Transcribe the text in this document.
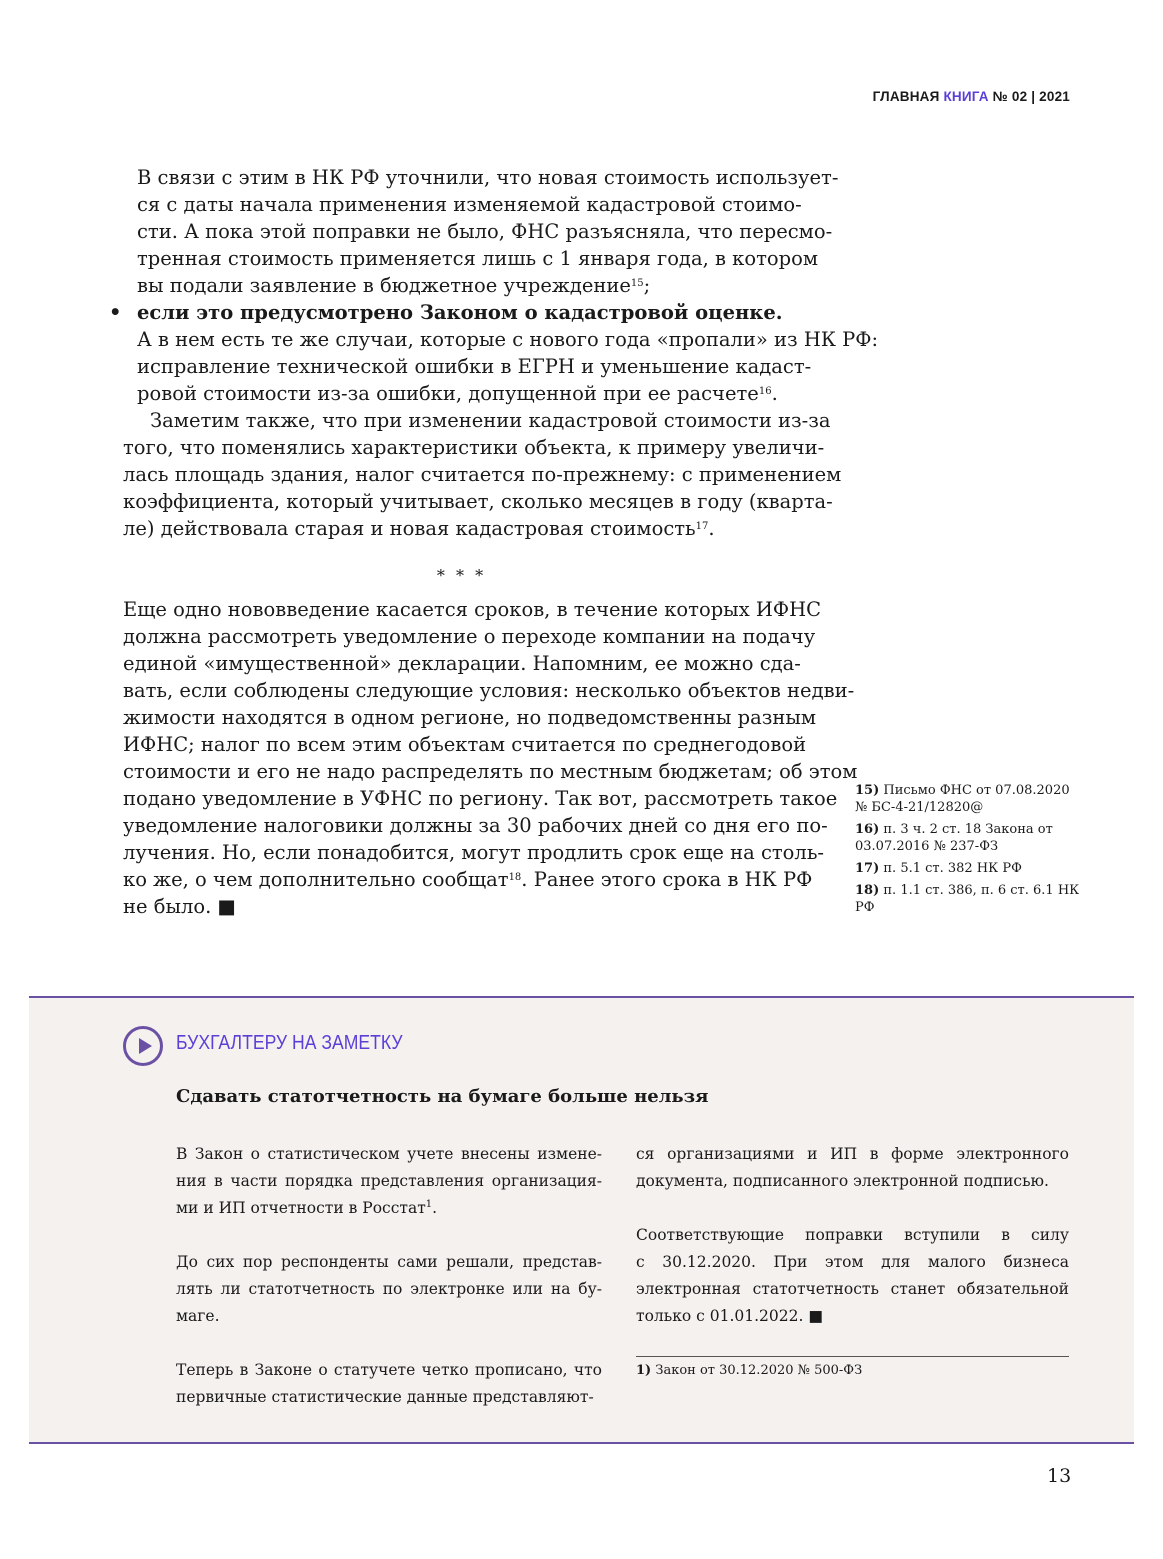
ГЛАВНАЯ КНИГА № 02 | 2021
В связи с этим в НК РФ уточнили, что новая стоимость использует-
ся с даты начала применения изменяемой кадастровой стоимо-
сти. А пока этой поправки не было, ФНС разъясняла, что пересмо-
тренная стоимость применяется лишь с 1 января года, в котором
вы подали заявление в бюджетное учреждение$^{15}$;
• если это предусмотрено Законом о кадастровой оценке.
А в нем есть те же случаи, которые с нового года «пропали» из НК РФ:
исправление технической ошибки в ЕГРН и уменьшение кадаст-
ровой стоимости из-за ошибки, допущенной при ее расчете$^{16}$.
Заметим также, что при изменении кадастровой стоимости из-за
того, что поменялись характеристики объекта, к примеру увеличи-
лась площадь здания, налог считается по-прежнему: с применением
коэффициента, который учитывает, сколько месяцев в году (кварта-
ле) действовала старая и новая кадастровая стоимость$^{17}$.
* * *
Еще одно нововведение касается сроков, в течение которых ИФНС
должна рассмотреть уведомление о переходе компании на подачу
единой «имущественной» декларации. Напомним, ее можно сда-
вать, если соблюдены следующие условия: несколько объектов недви-
жимости находятся в одном регионе, но подведомственны разным
ИФНС; налог по всем этим объектам считается по среднегодовой
стоимости и его не надо распределять по местным бюджетам; об этом
подано уведомление в УФНС по региону. Так вот, рассмотреть такое
уведомление налоговики должны за 30 рабочих дней со дня его по-
лучения. Но, если понадобится, могут продлить срок еще на столь-
ко же, о чем дополнительно сообщат$^{18}$. Ранее этого срока в НК РФ
не было. ■
15) Письмо ФНС от 07.08.2020 № БС-4-21/12820@
16) п. 3 ч. 2 ст. 18 Закона от 03.07.2016 № 237-ФЗ
17) п. 5.1 ст. 382 НК РФ
18) п. 1.1 ст. 386, п. 6 ст. 6.1 НК РФ
БУХГАЛТЕРУ НА ЗАМЕТКУ
Сдавать статотчетность на бумаге больше нельзя
В Закон о статистическом учете внесены измене-
ния в части порядка представления организация-
ми и ИП отчетности в Росстат$^1$.
До сих пор респонденты сами решали, представ-
лять ли статотчетность по электронке или на бу-
маге.
Теперь в Законе о статучете четко прописано, что
первичные статистические данные представляют-
ся организациями и ИП в форме электронного
документа, подписанного электронной подписью.
Соответствующие поправки вступили в силу
с 30.12.2020. При этом для малого бизнеса
электронная статотчетность станет обязательной
только с 01.01.2022. ■
1) Закон от 30.12.2020 № 500-ФЗ
13
